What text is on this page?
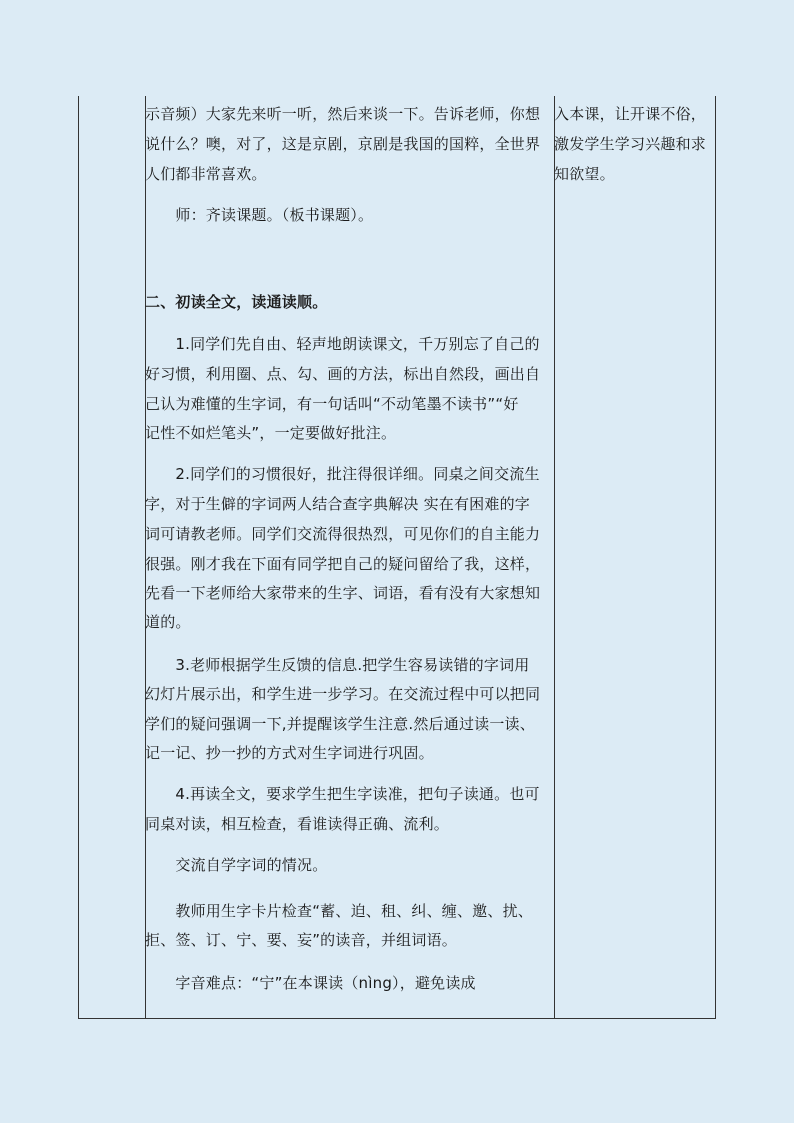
示音频）大家先来听一听，然后来谈一下。告诉老师，你想
说什么？噢，对了，这是京剧，京剧是我国的国粹，全世界
人们都非常喜欢。
　　师：齐读课题。（板书课题）。
二、初读全文，读通读顺。
　　1.同学们先自由、轻声地朗读课文，千万别忘了自己的
好习惯，利用圈、点、勾、画的方法，标出自然段，画出自
己认为难懂的生字词，有一句话叫“不动笔墨不读书”“好
记性不如烂笔头”，一定要做好批注。
　　2.同学们的习惯很好，批注得很详细。同桌之间交流生
字，对于生僻的字词两人结合查字典解决 实在有困难的字
词可请教老师。同学们交流得很热烈，可见你们的自主能力
很强。刚才我在下面有同学把自己的疑问留给了我，这样，
先看一下老师给大家带来的生字、词语，看有没有大家想知
道的。
　　3.老师根据学生反馈的信息.把学生容易读错的字词用
幻灯片展示出，和学生进一步学习。在交流过程中可以把同
学们的疑问强调一下,并提醒该学生注意.然后通过读一读、
记一记、抄一抄的方式对生字词进行巩固。
　　4.再读全文，要求学生把生字读准，把句子读通。也可
同桌对读，相互检查，看谁读得正确、流利。
　　交流自学字词的情况。
　　教师用生字卡片检查“蓄、迫、租、纠、缠、邀、扰、
拒、签、订、宁、要、妄”的读音，并组词语。
　　字音难点：“宁”在本课读（nìng），避免读成
入本课，让开课不俗，
激发学生学习兴趣和求
知欲望。
